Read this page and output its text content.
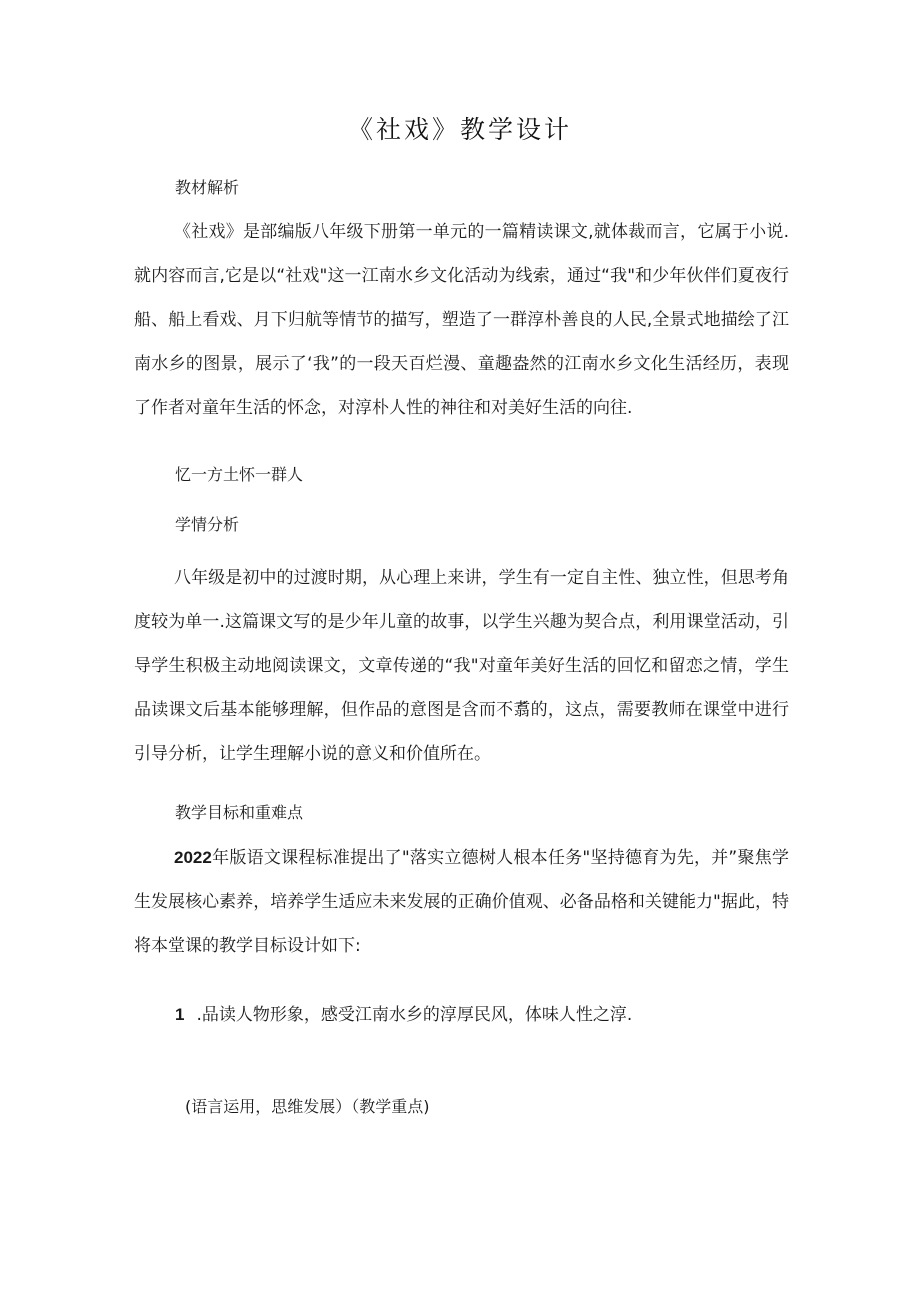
《社戏》教学设计

教材解析

《社戏》是部编版八年级下册第一单元的一篇精读课文,就体裁而言，它属于小说.就内容而言,它是以“社戏"这一江南水乡文化活动为线索，通过“我"和少年伙伴们夏夜行船、船上看戏、月下归航等情节的描写，塑造了一群淳朴善良的人民,全景式地描绘了江南水乡的图景，展示了‘我”的一段天百烂漫、童趣盎然的江南水乡文化生活经历，表现了作者对童年生活的怀念，对淳朴人性的神往和对美好生活的向往.

忆一方土怀一群人

学情分析

八年级是初中的过渡时期，从心理上来讲，学生有一定自主性、独立性，但思考角度较为单一.这篇课文写的是少年儿童的故事，以学生兴趣为契合点，利用课堂活动，引导学生积极主动地阅读课文，文章传递的“我"对童年美好生活的回忆和留恋之情，学生品读课文后基本能够理解，但作品的意图是含而不翥的，这点，需要教师在课堂中进行引导分析，让学生理解小说的意义和价值所在。

教学目标和重难点

2022年版语文课程标准提出了"落实立德树人根本任务"坚持德育为先，并”聚焦学生发展核心素养，培养学生适应未来发展的正确价值观、必备品格和关键能力"据此，特将本堂课的教学目标设计如下:

1 .品读人物形象，感受江南水乡的淳厚民风，体味人性之淳.

(语言运用，思维发展）（教学重点)
